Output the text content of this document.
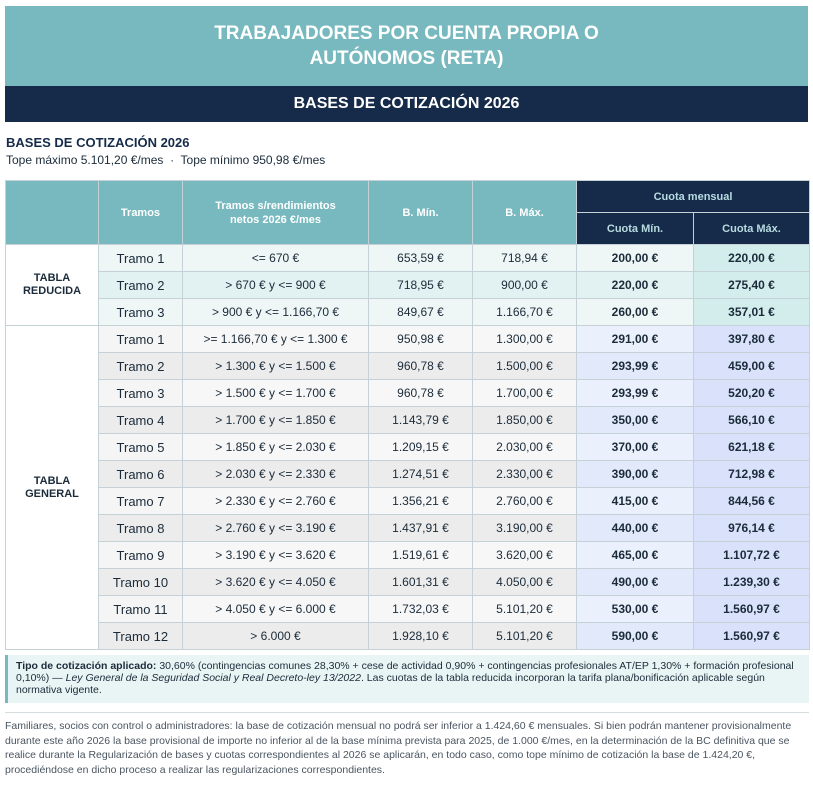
TRABAJADORES POR CUENTA PROPIA O
AUTÓNOMOS (RETA)
BASES DE COTIZACIÓN 2026
BASES DE COTIZACIÓN 2026
Tope máximo 5.101,20 €/mes · Tope mínimo 950,98 €/mes
	Tramos	Tramos s/rendimientos netos 2026 €/mes	B. Mín.	B. Máx.	Cuota mensual	
					Cuota Mín.	Cuota Máx.
TABLA REDUCIDA	Tramo 1	<= 670 €	653,59 €	718,94 €	200,00 €	220,00 €
	Tramo 2	> 670 € y <= 900 €	718,95 €	900,00 €	220,00 €	275,40 €
	Tramo 3	> 900 € y <= 1.166,70 €	849,67 €	1.166,70 €	260,00 €	357,01 €
TABLA GENERAL	Tramo 1	>= 1.166,70 € y <= 1.300 €	950,98 €	1.300,00 €	291,00 €	397,80 €
	Tramo 2	> 1.300 € y <= 1.500 €	960,78 €	1.500,00 €	293,99 €	459,00 €
	Tramo 3	> 1.500 € y <= 1.700 €	960,78 €	1.700,00 €	293,99 €	520,20 €
	Tramo 4	> 1.700 € y <= 1.850 €	1.143,79 €	1.850,00 €	350,00 €	566,10 €
	Tramo 5	> 1.850 € y <= 2.030 €	1.209,15 €	2.030,00 €	370,00 €	621,18 €
	Tramo 6	> 2.030 € y <= 2.330 €	1.274,51 €	2.330,00 €	390,00 €	712,98 €
	Tramo 7	> 2.330 € y <= 2.760 €	1.356,21 €	2.760,00 €	415,00 €	844,56 €
	Tramo 8	> 2.760 € y <= 3.190 €	1.437,91 €	3.190,00 €	440,00 €	976,14 €
	Tramo 9	> 3.190 € y <= 3.620 €	1.519,61 €	3.620,00 €	465,00 €	1.107,72 €
	Tramo 10	> 3.620 € y <= 4.050 €	1.601,31 €	4.050,00 €	490,00 €	1.239,30 €
	Tramo 11	> 4.050 € y <= 6.000 €	1.732,03 €	5.101,20 €	530,00 €	1.560,97 €
	Tramo 12	> 6.000 €	1.928,10 €	5.101,20 €	590,00 €	1.560,97 €
Tipo de cotización aplicado: 30,60% (contingencias comunes 28,30% + cese de actividad 0,90% + contingencias profesionales AT/EP 1,30% + formación profesional 0,10%) — Ley General de la Seguridad Social y Real Decreto-ley 13/2022. Las cuotas de la tabla reducida incorporan la tarifa plana/bonificación aplicable según normativa vigente.
Familiares, socios con control o administradores: la base de cotización mensual no podrá ser inferior a 1.424,60 € mensuales. Si bien podrán mantener provisionalmente durante este año 2026 la base provisional de importe no inferior al de la base mínima prevista para 2025, de 1.000 €/mes, en la determinación de la BC definitiva que se realice durante la Regularización de bases y cuotas correspondientes al 2026 se aplicarán, en todo caso, como tope mínimo de cotización la base de 1.424,20 €, procediéndose en dicho proceso a realizar las regularizaciones correspondientes.
